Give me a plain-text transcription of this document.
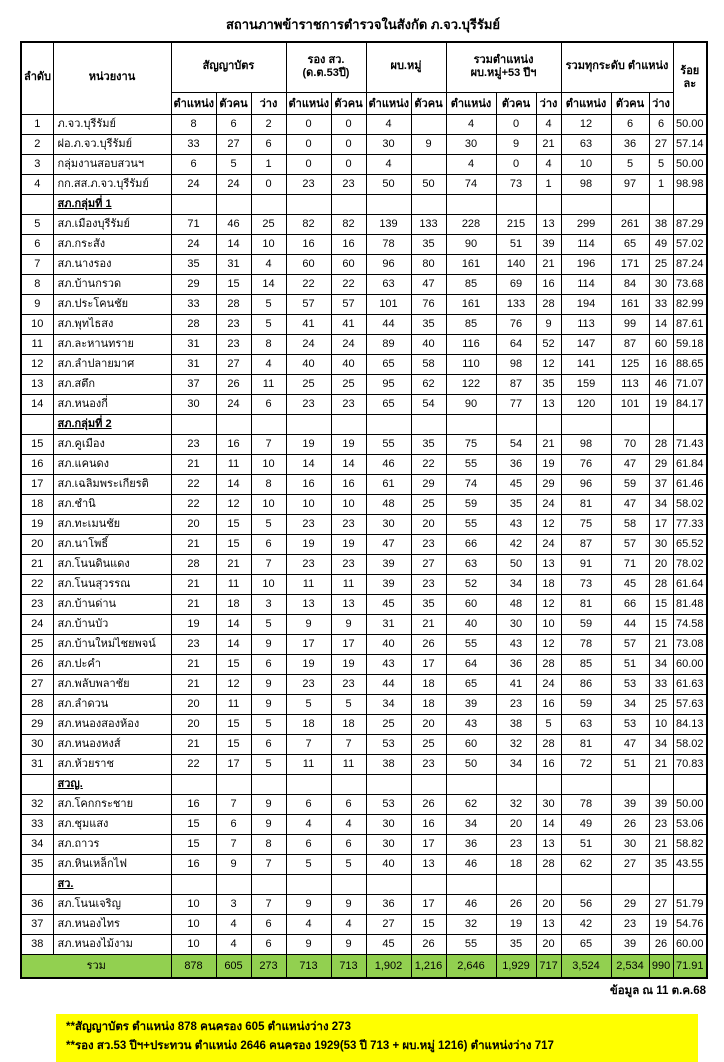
สถานภาพข้าราชการตำรวจในสังกัด ภ.จว.บุรีรัมย์
ลำดับ	หน่วยงาน	สัญญาบัตร			รอง สว.(ด.ต.53ปี)		ผบ.หมู่		รวมตำแหน่ง ผบ.หมู่+53 ปีฯ			รวมทุกระดับ ตำแหน่ง			ร้อยละ
		ตำแหน่ง	ตัวคน	ว่าง	ตำแหน่ง	ตัวคน	ตำแหน่ง	ตัวคน	ตำแหน่ง	ตัวคน	ว่าง	ตำแหน่ง	ตัวคน	ว่าง	
1	ภ.จว.บุรีรัมย์	8	6	2	0	0	4		4	0	4	12	6	6	50.00
2	ฝอ.ภ.จว.บุรีรัมย์	33	27	6	0	0	30	9	30	9	21	63	36	27	57.14
3	กลุ่มงานสอบสวนฯ	6	5	1	0	0	4		4	0	4	10	5	5	50.00
4	กก.สส.ภ.จว.บุรีรัมย์	24	24	0	23	23	50	50	74	73	1	98	97	1	98.98
	สภ.กลุ่มที่ 1														
5	สภ.เมืองบุรีรัมย์	71	46	25	82	82	139	133	228	215	13	299	261	38	87.29
6	สภ.กระสัง	24	14	10	16	16	78	35	90	51	39	114	65	49	57.02
7	สภ.นางรอง	35	31	4	60	60	96	80	161	140	21	196	171	25	87.24
8	สภ.บ้านกรวด	29	15	14	22	22	63	47	85	69	16	114	84	30	73.68
9	สภ.ประโคนชัย	33	28	5	57	57	101	76	161	133	28	194	161	33	82.99
10	สภ.พุทไธสง	28	23	5	41	41	44	35	85	76	9	113	99	14	87.61
11	สภ.ละหานทราย	31	23	8	24	24	89	40	116	64	52	147	87	60	59.18
12	สภ.ลำปลายมาศ	31	27	4	40	40	65	58	110	98	12	141	125	16	88.65
13	สภ.สตึก	37	26	11	25	25	95	62	122	87	35	159	113	46	71.07
14	สภ.หนองกี่	30	24	6	23	23	65	54	90	77	13	120	101	19	84.17
	สภ.กลุ่มที่ 2														
15	สภ.คูเมือง	23	16	7	19	19	55	35	75	54	21	98	70	28	71.43
16	สภ.แคนดง	21	11	10	14	14	46	22	55	36	19	76	47	29	61.84
17	สภ.เฉลิมพระเกียรติ	22	14	8	16	16	61	29	74	45	29	96	59	37	61.46
18	สภ.ชำนิ	22	12	10	10	10	48	25	59	35	24	81	47	34	58.02
19	สภ.ทะเมนชัย	20	15	5	23	23	30	20	55	43	12	75	58	17	77.33
20	สภ.นาโพธิ์	21	15	6	19	19	47	23	66	42	24	87	57	30	65.52
21	สภ.โนนดินแดง	28	21	7	23	23	39	27	63	50	13	91	71	20	78.02
22	สภ.โนนสุวรรณ	21	11	10	11	11	39	23	52	34	18	73	45	28	61.64
23	สภ.บ้านด่าน	21	18	3	13	13	45	35	60	48	12	81	66	15	81.48
24	สภ.บ้านบัว	19	14	5	9	9	31	21	40	30	10	59	44	15	74.58
25	สภ.บ้านใหม่ไชยพจน์	23	14	9	17	17	40	26	55	43	12	78	57	21	73.08
26	สภ.ปะคำ	21	15	6	19	19	43	17	64	36	28	85	51	34	60.00
27	สภ.พลับพลาชัย	21	12	9	23	23	44	18	65	41	24	86	53	33	61.63
28	สภ.ลำดวน	20	11	9	5	5	34	18	39	23	16	59	34	25	57.63
29	สภ.หนองสองห้อง	20	15	5	18	18	25	20	43	38	5	63	53	10	84.13
30	สภ.หนองหงส์	21	15	6	7	7	53	25	60	32	28	81	47	34	58.02
31	สภ.ห้วยราช	22	17	5	11	11	38	23	50	34	16	72	51	21	70.83
	สวญ.														
32	สภ.โคกกระชาย	16	7	9	6	6	53	26	62	32	30	78	39	39	50.00
33	สภ.ชุมแสง	15	6	9	4	4	30	16	34	20	14	49	26	23	53.06
34	สภ.ถาวร	15	7	8	6	6	30	17	36	23	13	51	30	21	58.82
35	สภ.หินเหล็กไฟ	16	9	7	5	5	40	13	46	18	28	62	27	35	43.55
	สว.														
36	สภ.โนนเจริญ	10	3	7	9	9	36	17	46	26	20	56	29	27	51.79
37	สภ.หนองไทร	10	4	6	4	4	27	15	32	19	13	42	23	19	54.76
38	สภ.หนองไม้งาม	10	4	6	9	9	45	26	55	35	20	65	39	26	60.00
รวม		878	605	273	713	713	1,902	1,216	2,646	1,929	717	3,524	2,534	990	71.91
ข้อมูล ณ 11 ต.ค.68
**สัญญาบัตร ตำแหน่ง 878 คนครอง 605 ตำแหน่งว่าง 273
**รอง สว.53 ปีฯ+ประทวน ตำแหน่ง 2646 คนครอง 1929(53 ปี 713 + ผบ.หมู่ 1216) ตำแหน่งว่าง 717
